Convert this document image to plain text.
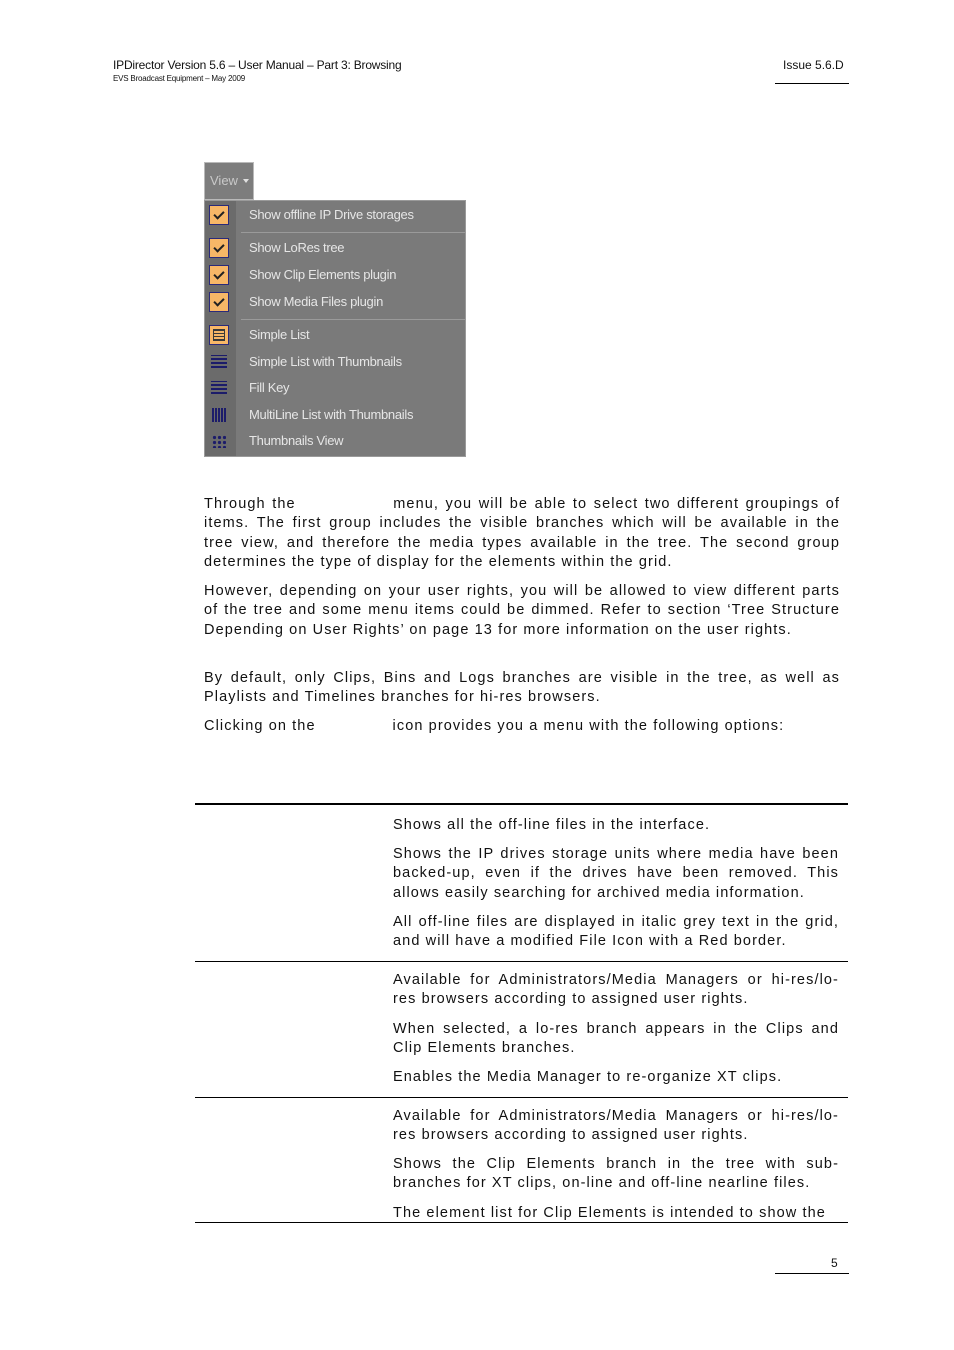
IPDirector Version 5.6 – User Manual – Part 3: Browsing
EVS Broadcast Equipment – May 2009
Issue 5.6.D
View
Show offline IP Drive storages
Show LoRes tree
Show Clip Elements plugin
Show Media Files plugin
Simple List
Simple List with Thumbnails
Fill Key
MultiLine List with Thumbnails
Thumbnails View

Through the               menu, you will be able to select two different groupings of items. The first group includes the visible branches which will be available in the tree view, and therefore the media types available in the tree. The second group determines the type of display for the elements within the grid.

However, depending on your user rights, you will be allowed to view different parts of the tree and some menu items could be dimmed. Refer to section ‘Tree Structure Depending on User Rights’ on page 13 for more information on the user rights.

By default, only Clips, Bins and Logs branches are visible in the tree, as well as Playlists and Timelines branches for hi-res browsers.

Clicking on the               icon provides you a menu with the following options:

Shows all the off-line files in the interface.

Shows the IP drives storage units where media have been backed-up, even if the drives have been removed. This allows easily searching for archived media information.

All off-line files are displayed in italic grey text in the grid, and will have a modified File Icon with a Red border.

Available for Administrators/Media Managers or hi-res/lo-res browsers according to assigned user rights.

When selected, a lo-res branch appears in the Clips and Clip Elements branches.

Enables the Media Manager to re-organize XT clips.

Available for Administrators/Media Managers or hi-res/lo-res browsers according to assigned user rights.

Shows the Clip Elements branch in the tree with sub-branches for XT clips, on-line and off-line nearline files.

The element list for Clip Elements is intended to show the

5
